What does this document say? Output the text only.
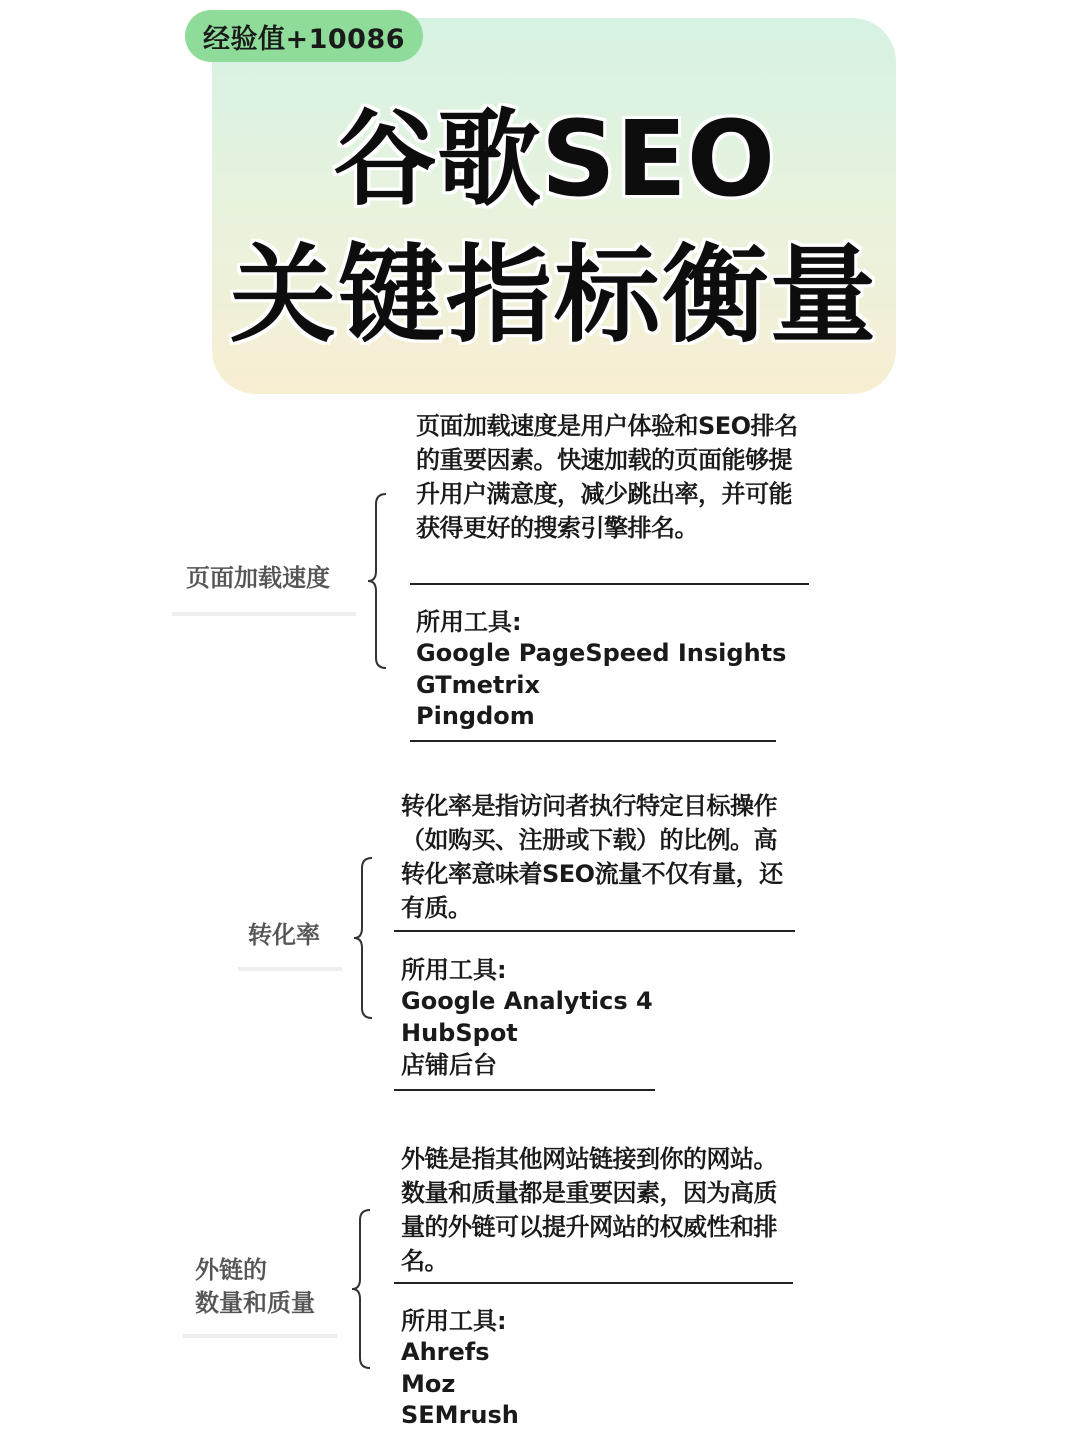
经验值+10086
谷歌SEO
关键指标衡量
页面加载速度
页面加载速度是用户体验和SEO排名的重要因素。快速加载的页面能够提升用户满意度，减少跳出率，并可能获得更好的搜索引擎排名。
所用工具:
Google PageSpeed Insights
GTmetrix
Pingdom
转化率
转化率是指访问者执行特定目标操作（如购买、注册或下载）的比例。高转化率意味着SEO流量不仅有量，还有质。
所用工具:
Google Analytics 4
HubSpot
店铺后台
外链的
数量和质量
外链是指其他网站链接到你的网站。数量和质量都是重要因素，因为高质量的外链可以提升网站的权威性和排名。
所用工具:
Ahrefs
Moz
SEMrush
